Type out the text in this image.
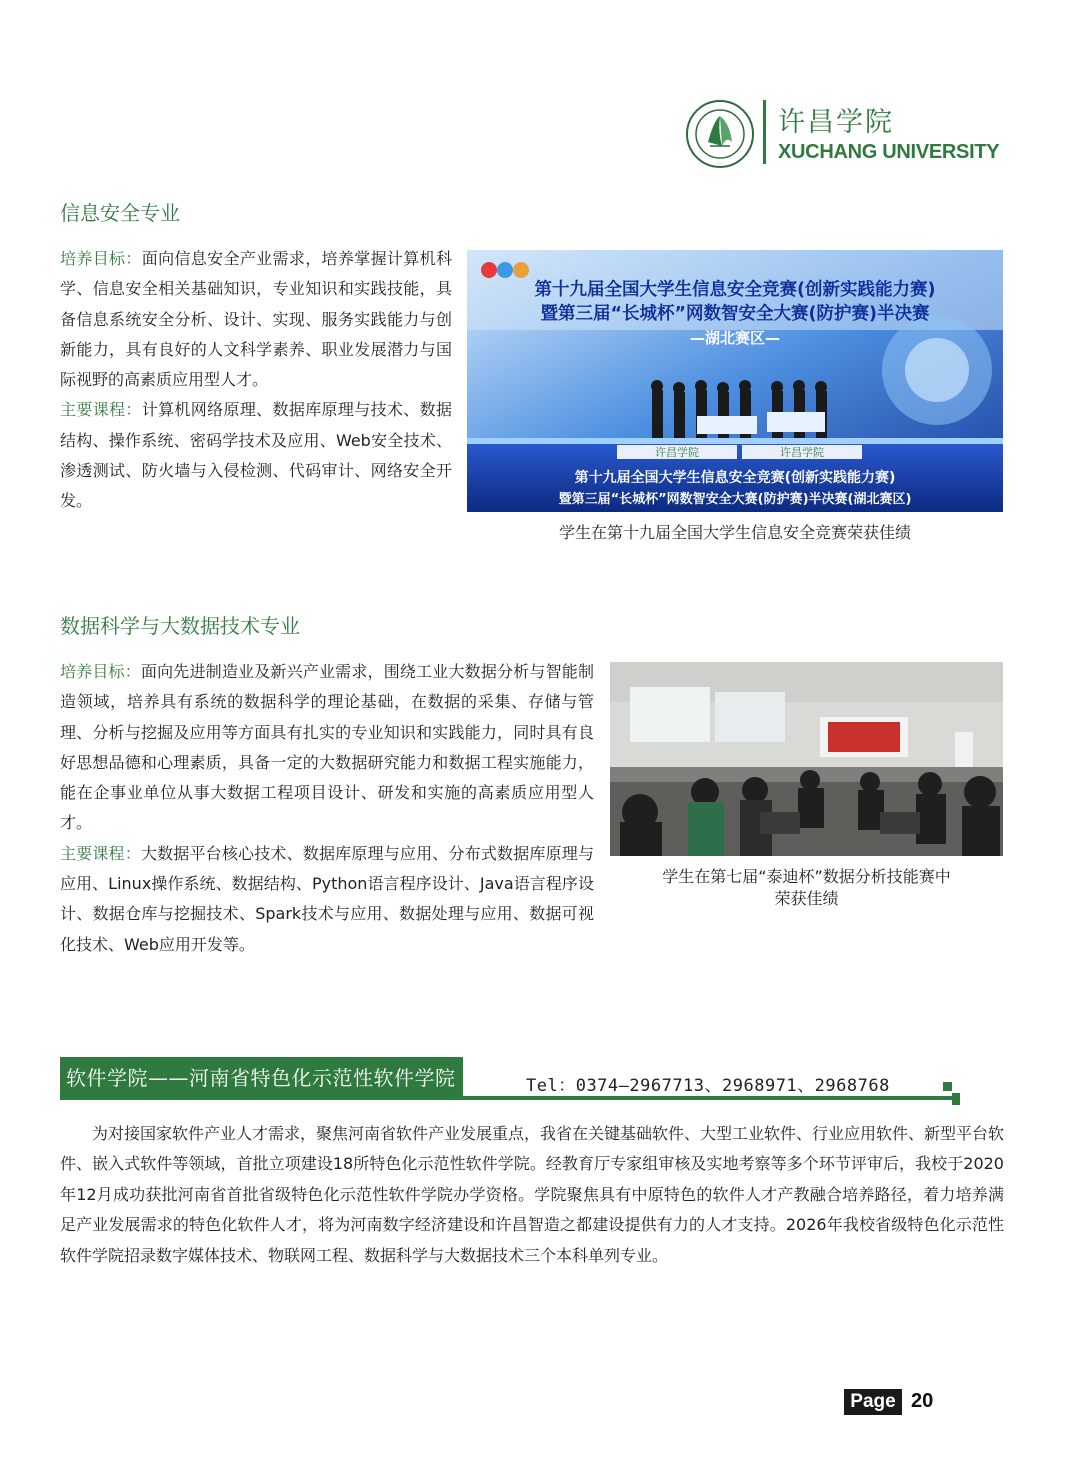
许昌学院
XUCHANG UNIVERSITY
信息安全专业
培养目标：面向信息安全产业需求，培养掌握计算机科学、信息安全相关基础知识，专业知识和实践技能，具备信息系统安全分析、设计、实现、服务实践能力与创新能力，具有良好的人文科学素养、职业发展潜力与国际视野的高素质应用型人才。
主要课程：计算机网络原理、数据库原理与技术、数据结构、操作系统、密码学技术及应用、Web安全技术、渗透测试、防火墙与入侵检测、代码审计、网络安全开发。
第十九届全国大学生信息安全竞赛(创新实践能力赛)
暨第三届“长城杯”网数智安全大赛(防护赛)半决赛
—湖北赛区—
许昌学院	许昌学院
第十九届全国大学生信息安全竞赛(创新实践能力赛)
暨第三届“长城杯”网数智安全大赛(防护赛)半决赛(湖北赛区)
学生在第十九届全国大学生信息安全竞赛荣获佳绩
数据科学与大数据技术专业
培养目标：面向先进制造业及新兴产业需求，围绕工业大数据分析与智能制造领域，培养具有系统的数据科学的理论基础，在数据的采集、存储与管理、分析与挖掘及应用等方面具有扎实的专业知识和实践能力，同时具有良好思想品德和心理素质，具备一定的大数据研究能力和数据工程实施能力，能在企事业单位从事大数据工程项目设计、研发和实施的高素质应用型人才。
主要课程：大数据平台核心技术、数据库原理与应用、分布式数据库原理与应用、Linux操作系统、数据结构、Python语言程序设计、Java语言程序设计、数据仓库与挖掘技术、Spark技术与应用、数据处理与应用、数据可视化技术、Web应用开发等。
学生在第七届“泰迪杯”数据分析技能赛中
荣获佳绩
软件学院——河南省特色化示范性软件学院	Tel：0374—2967713、2968971、2968768
为对接国家软件产业人才需求，聚焦河南省软件产业发展重点，我省在关键基础软件、大型工业软件、行业应用软件、新型平台软件、嵌入式软件等领域，首批立项建设18所特色化示范性软件学院。经教育厅专家组审核及实地考察等多个环节评审后，我校于2020年12月成功获批河南省首批省级特色化示范性软件学院办学资格。学院聚焦具有中原特色的软件人才产教融合培养路径，着力培养满足产业发展需求的特色化软件人才，将为河南数字经济建设和许昌智造之都建设提供有力的人才支持。2026年我校省级特色化示范性软件学院招录数字媒体技术、物联网工程、数据科学与大数据技术三个本科单列专业。
Page 20
